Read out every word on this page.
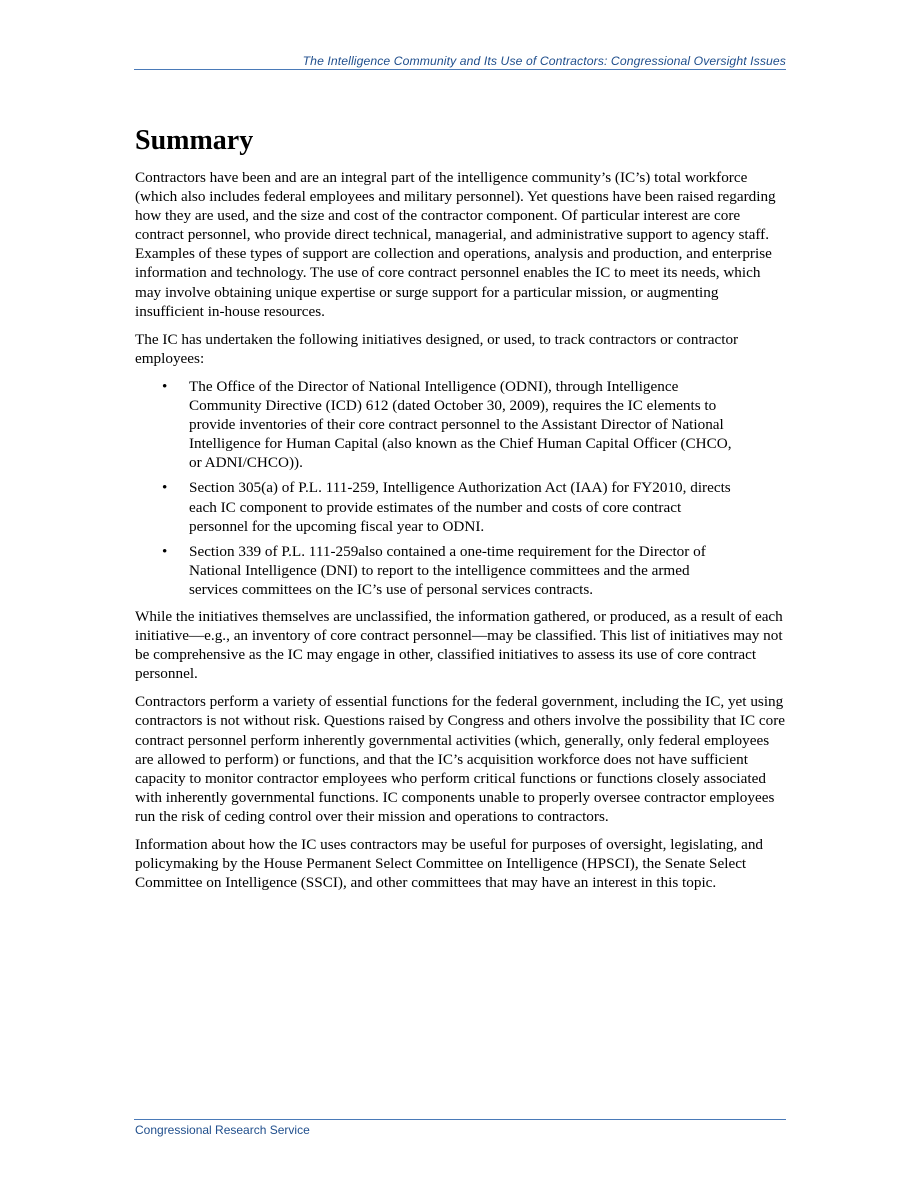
The Intelligence Community and Its Use of Contractors: Congressional Oversight Issues
Summary

Contractors have been and are an integral part of the intelligence community’s (IC’s) total workforce (which also includes federal employees and military personnel). Yet questions have been raised regarding how they are used, and the size and cost of the contractor component. Of particular interest are core contract personnel, who provide direct technical, managerial, and administrative support to agency staff. Examples of these types of support are collection and operations, analysis and production, and enterprise information and technology. The use of core contract personnel enables the IC to meet its needs, which may involve obtaining unique expertise or surge support for a particular mission, or augmenting insufficient in-house resources.

The IC has undertaken the following initiatives designed, or used, to track contractors or contractor employees:

• The Office of the Director of National Intelligence (ODNI), through Intelligence Community Directive (ICD) 612 (dated October 30, 2009), requires the IC elements to provide inventories of their core contract personnel to the Assistant Director of National Intelligence for Human Capital (also known as the Chief Human Capital Officer (CHCO, or ADNI/CHCO)).
• Section 305(a) of P.L. 111-259, Intelligence Authorization Act (IAA) for FY2010, directs each IC component to provide estimates of the number and costs of core contract personnel for the upcoming fiscal year to ODNI.
• Section 339 of P.L. 111-259also contained a one-time requirement for the Director of National Intelligence (DNI) to report to the intelligence committees and the armed services committees on the IC’s use of personal services contracts.

While the initiatives themselves are unclassified, the information gathered, or produced, as a result of each initiative—e.g., an inventory of core contract personnel—may be classified. This list of initiatives may not be comprehensive as the IC may engage in other, classified initiatives to assess its use of core contract personnel.

Contractors perform a variety of essential functions for the federal government, including the IC, yet using contractors is not without risk. Questions raised by Congress and others involve the possibility that IC core contract personnel perform inherently governmental activities (which, generally, only federal employees are allowed to perform) or functions, and that the IC’s acquisition workforce does not have sufficient capacity to monitor contractor employees who perform critical functions or functions closely associated with inherently governmental functions. IC components unable to properly oversee contractor employees run the risk of ceding control over their mission and operations to contractors.

Information about how the IC uses contractors may be useful for purposes of oversight, legislating, and policymaking by the House Permanent Select Committee on Intelligence (HPSCI), the Senate Select Committee on Intelligence (SSCI), and other committees that may have an interest in this topic.

Congressional Research Service
